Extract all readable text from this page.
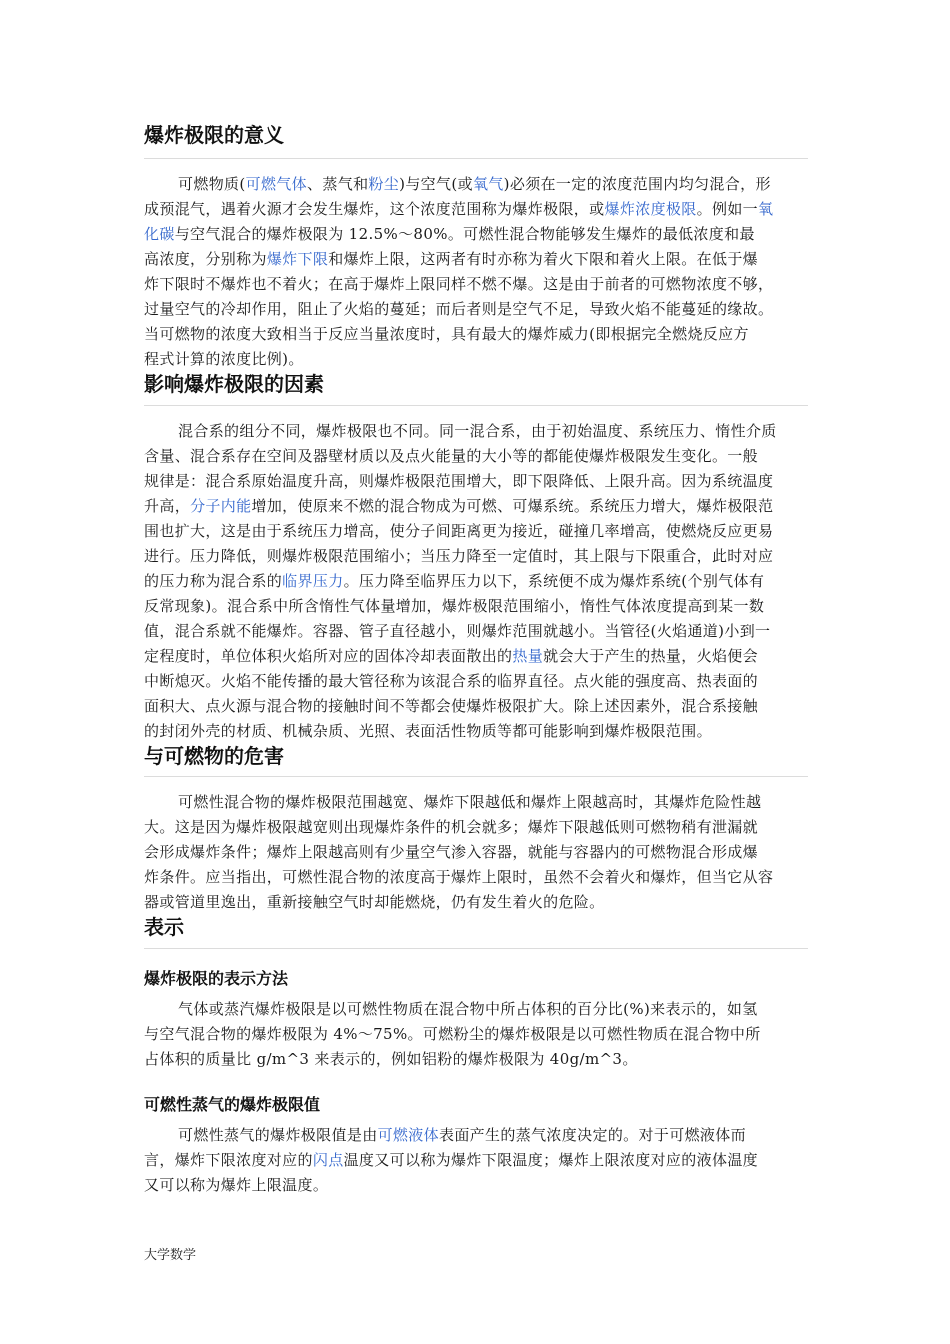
爆炸极限的意义
可燃物质(可燃气体、蒸气和粉尘)与空气(或氧气)必须在一定的浓度范围内均匀混合，形
成预混气，遇着火源才会发生爆炸，这个浓度范围称为爆炸极限，或爆炸浓度极限。例如一氧
化碳与空气混合的爆炸极限为 12.5%～80%。可燃性混合物能够发生爆炸的最低浓度和最
高浓度，分别称为爆炸下限和爆炸上限，这两者有时亦称为着火下限和着火上限。在低于爆
炸下限时不爆炸也不着火；在高于爆炸上限同样不燃不爆。这是由于前者的可燃物浓度不够，
过量空气的冷却作用，阻止了火焰的蔓延；而后者则是空气不足，导致火焰不能蔓延的缘故。
当可燃物的浓度大致相当于反应当量浓度时，具有最大的爆炸威力(即根据完全燃烧反应方
程式计算的浓度比例)。
影响爆炸极限的因素
混合系的组分不同，爆炸极限也不同。同一混合系，由于初始温度、系统压力、惰性介质
含量、混合系存在空间及器壁材质以及点火能量的大小等的都能使爆炸极限发生变化。一般
规律是：混合系原始温度升高，则爆炸极限范围增大，即下限降低、上限升高。因为系统温度
升高，分子内能增加，使原来不燃的混合物成为可燃、可爆系统。系统压力增大，爆炸极限范
围也扩大，这是由于系统压力增高，使分子间距离更为接近，碰撞几率增高，使燃烧反应更易
进行。压力降低，则爆炸极限范围缩小；当压力降至一定值时，其上限与下限重合，此时对应
的压力称为混合系的临界压力。压力降至临界压力以下，系统便不成为爆炸系统(个别气体有
反常现象)。混合系中所含惰性气体量增加，爆炸极限范围缩小，惰性气体浓度提高到某一数
值，混合系就不能爆炸。容器、管子直径越小，则爆炸范围就越小。当管径(火焰通道)小到一
定程度时，单位体积火焰所对应的固体冷却表面散出的热量就会大于产生的热量，火焰便会
中断熄灭。火焰不能传播的最大管径称为该混合系的临界直径。点火能的强度高、热表面的
面积大、点火源与混合物的接触时间不等都会使爆炸极限扩大。除上述因素外，混合系接触
的封闭外壳的材质、机械杂质、光照、表面活性物质等都可能影响到爆炸极限范围。
与可燃物的危害
可燃性混合物的爆炸极限范围越宽、爆炸下限越低和爆炸上限越高时，其爆炸危险性越
大。这是因为爆炸极限越宽则出现爆炸条件的机会就多；爆炸下限越低则可燃物稍有泄漏就
会形成爆炸条件；爆炸上限越高则有少量空气渗入容器，就能与容器内的可燃物混合形成爆
炸条件。应当指出，可燃性混合物的浓度高于爆炸上限时，虽然不会着火和爆炸，但当它从容
器或管道里逸出，重新接触空气时却能燃烧，仍有发生着火的危险。
表示
爆炸极限的表示方法
气体或蒸汽爆炸极限是以可燃性物质在混合物中所占体积的百分比(%)来表示的，如氢
与空气混合物的爆炸极限为 4%～75%。可燃粉尘的爆炸极限是以可燃性物质在混合物中所
占体积的质量比 g/m^3 来表示的，例如铝粉的爆炸极限为 40g/m^3。
可燃性蒸气的爆炸极限值
可燃性蒸气的爆炸极限值是由可燃液体表面产生的蒸气浓度决定的。对于可燃液体而
言，爆炸下限浓度对应的闪点温度又可以称为爆炸下限温度；爆炸上限浓度对应的液体温度
又可以称为爆炸上限温度。
大学数学
